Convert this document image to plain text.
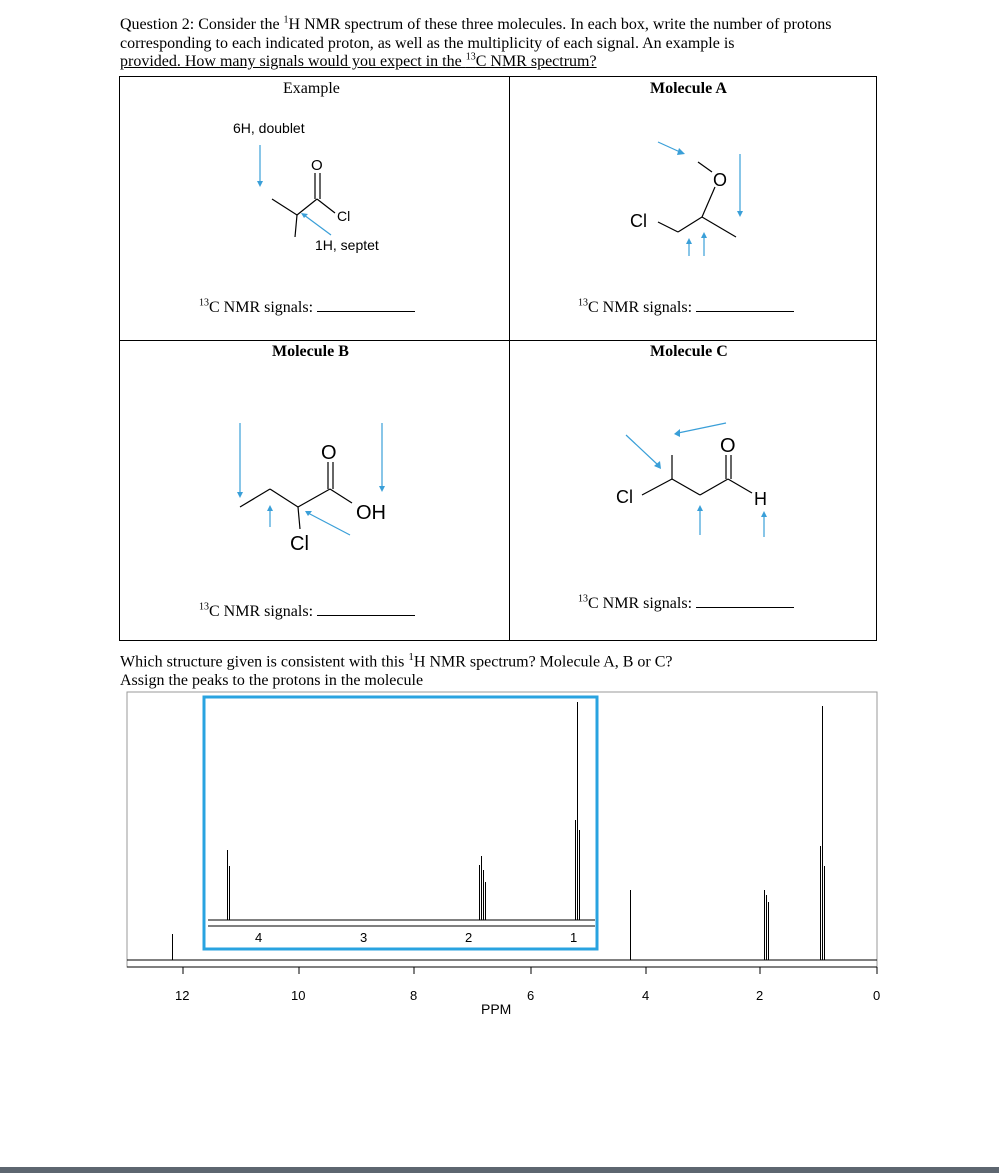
Question 2: Consider the $^1$H NMR spectrum of these three molecules. In each box, write the number of protons corresponding to each indicated proton, as well as the multiplicity of each signal. An example is
provided. How many signals would you expect in the $^{13}$C NMR spectrum?
Example
6H, doublet
1H, septet
O
Cl
$^{13}$C NMR signals:
Molecule A
Cl
O
$^{13}$C NMR signals:
Molecule B
O
OH
Cl
$^{13}$C NMR signals:
Molecule C
Cl
O
H
$^{13}$C NMR signals:
Which structure given is consistent with this $^1$H NMR spectrum? Molecule A, B or C?
Assign the peaks to the protons in the molecule
12	10	8	6	4	2	0
4	3	2	1
PPM
